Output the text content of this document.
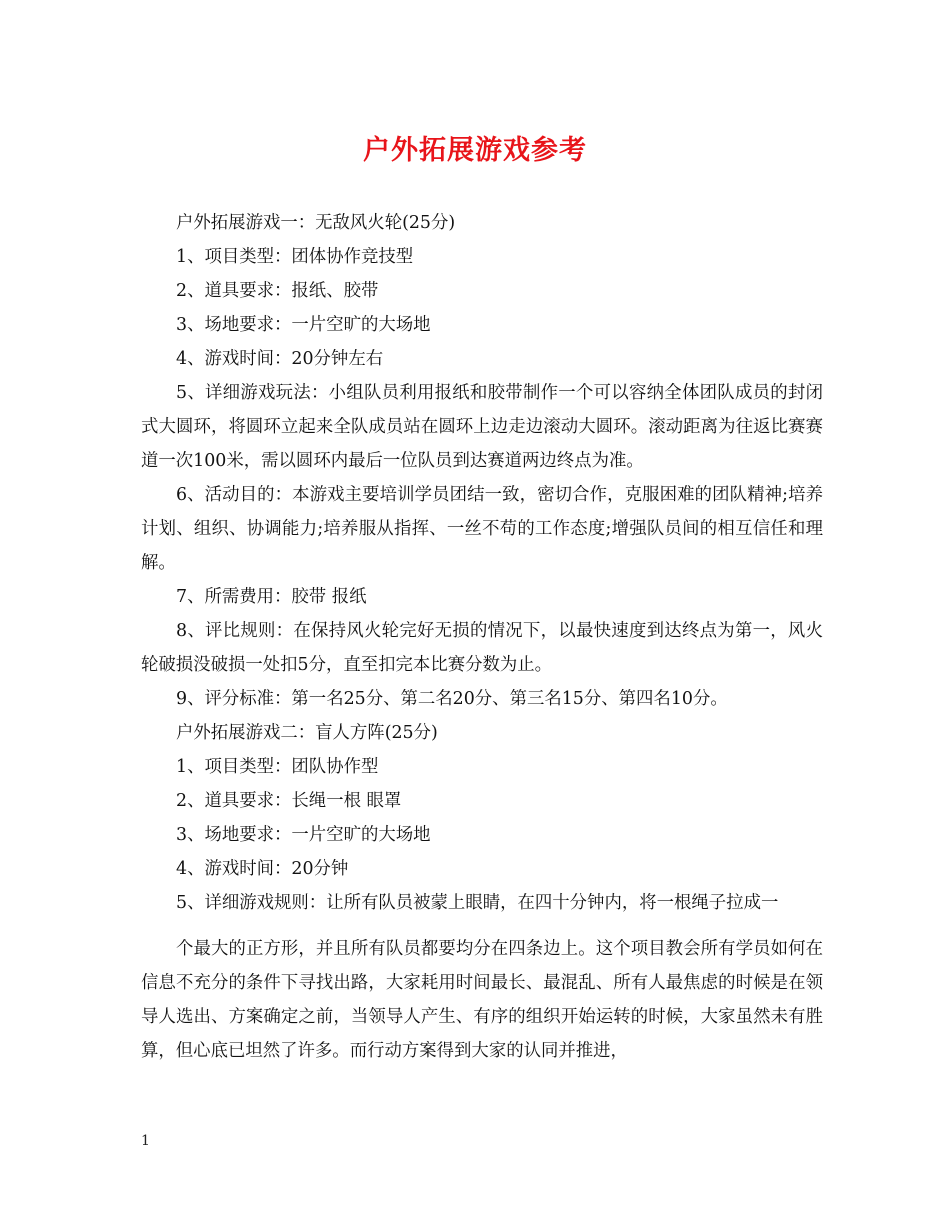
户外拓展游戏参考

户外拓展游戏一：无敌风火轮(25分)

1、项目类型：团体协作竞技型

2、道具要求：报纸、胶带

3、场地要求：一片空旷的大场地

4、游戏时间：20分钟左右

5、详细游戏玩法：小组队员利用报纸和胶带制作一个可以容纳全体团队成员的封闭式大圆环，将圆环立起来全队成员站在圆环上边走边滚动大圆环。滚动距离为往返比赛赛道一次100米，需以圆环内最后一位队员到达赛道两边终点为准。

6、活动目的：本游戏主要培训学员团结一致，密切合作，克服困难的团队精神;培养计划、组织、协调能力;培养服从指挥、一丝不苟的工作态度;增强队员间的相互信任和理解。

7、所需费用：胶带 报纸

8、评比规则：在保持风火轮完好无损的情况下，以最快速度到达终点为第一，风火轮破损没破损一处扣5分，直至扣完本比赛分数为止。

9、评分标准：第一名25分、第二名20分、第三名15分、第四名10分。

户外拓展游戏二：盲人方阵(25分)

1、项目类型：团队协作型

2、道具要求：长绳一根 眼罩

3、场地要求：一片空旷的大场地

4、游戏时间：20分钟

5、详细游戏规则：让所有队员被蒙上眼睛，在四十分钟内，将一根绳子拉成一

个最大的正方形，并且所有队员都要均分在四条边上。这个项目教会所有学员如何在信息不充分的条件下寻找出路，大家耗用时间最长、最混乱、所有人最焦虑的时候是在领导人选出、方案确定之前，当领导人产生、有序的组织开始运转的时候，大家虽然未有胜算，但心底已坦然了许多。而行动方案得到大家的认同并推进，

1
